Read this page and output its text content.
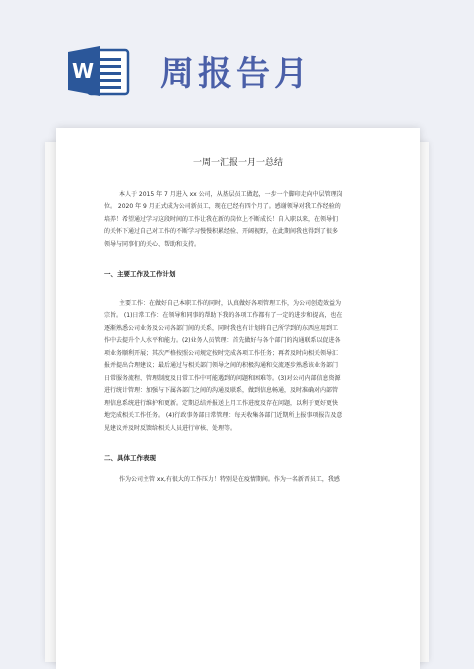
W 周报告月
一周一汇报一月一总结
本人于 2015 年 7 月进入 xx 公司，从基层员工做起，一步一个脚印走向中层管理岗
位。 2020 年 9 月正式成为公司新员工，现在已经有四个月了。感谢领导对我工作经验的
培养！希望通过学习这段时间的工作让我在新的岗位上不断成长！自入职以来，在领导们
的关怀下通过自己对工作的不断学习慢慢积累经验、开阔视野，在此期间我也得到了很多
领导与同事们的关心、帮助和支持。
一、主要工作及工作计划
主要工作：在做好自己本职工作的同时，认真做好各项管理工作，为公司创造效益为
宗旨。 (1)日常工作：在领导和同事的帮助下我的各项工作都有了一定的进步和提高，也在
逐渐熟悉公司业务及公司各部门间的关系，同时我也有计划将自己所学到的东西应用到工
作中去提升个人水平和能力。(2)业务人员管理：首先做好与各个部门的沟通联系以促进各
项业务顺利开展；其次严格按照公司规定按时完成各项工作任务；再者及时向相关领导汇
报并提出合理建议；最后通过与相关部门领导之间的积极沟通和交流逐步熟悉该业务部门
日常服务流程、管理制度及日常工作中可能遇到的问题和困难等。(3)对公司内部信息资源
进行统计管理：加强与下属各部门之间的沟通及联系，做到信息畅通，及时准确对内部管
理信息系统进行维护和更新。定期总结并报送上月工作进度及存在问题，以利于更好更快
地完成相关工作任务。 (4)行政事务部日常管理：每天收集各部门近期所上报事项报告及意
见建议并及时反馈给相关人员进行审核、处理等。
二、具体工作表现
作为公司主管 xx,有很大的工作压力！特别是在疫情期间。作为一名新晋员工，我感
